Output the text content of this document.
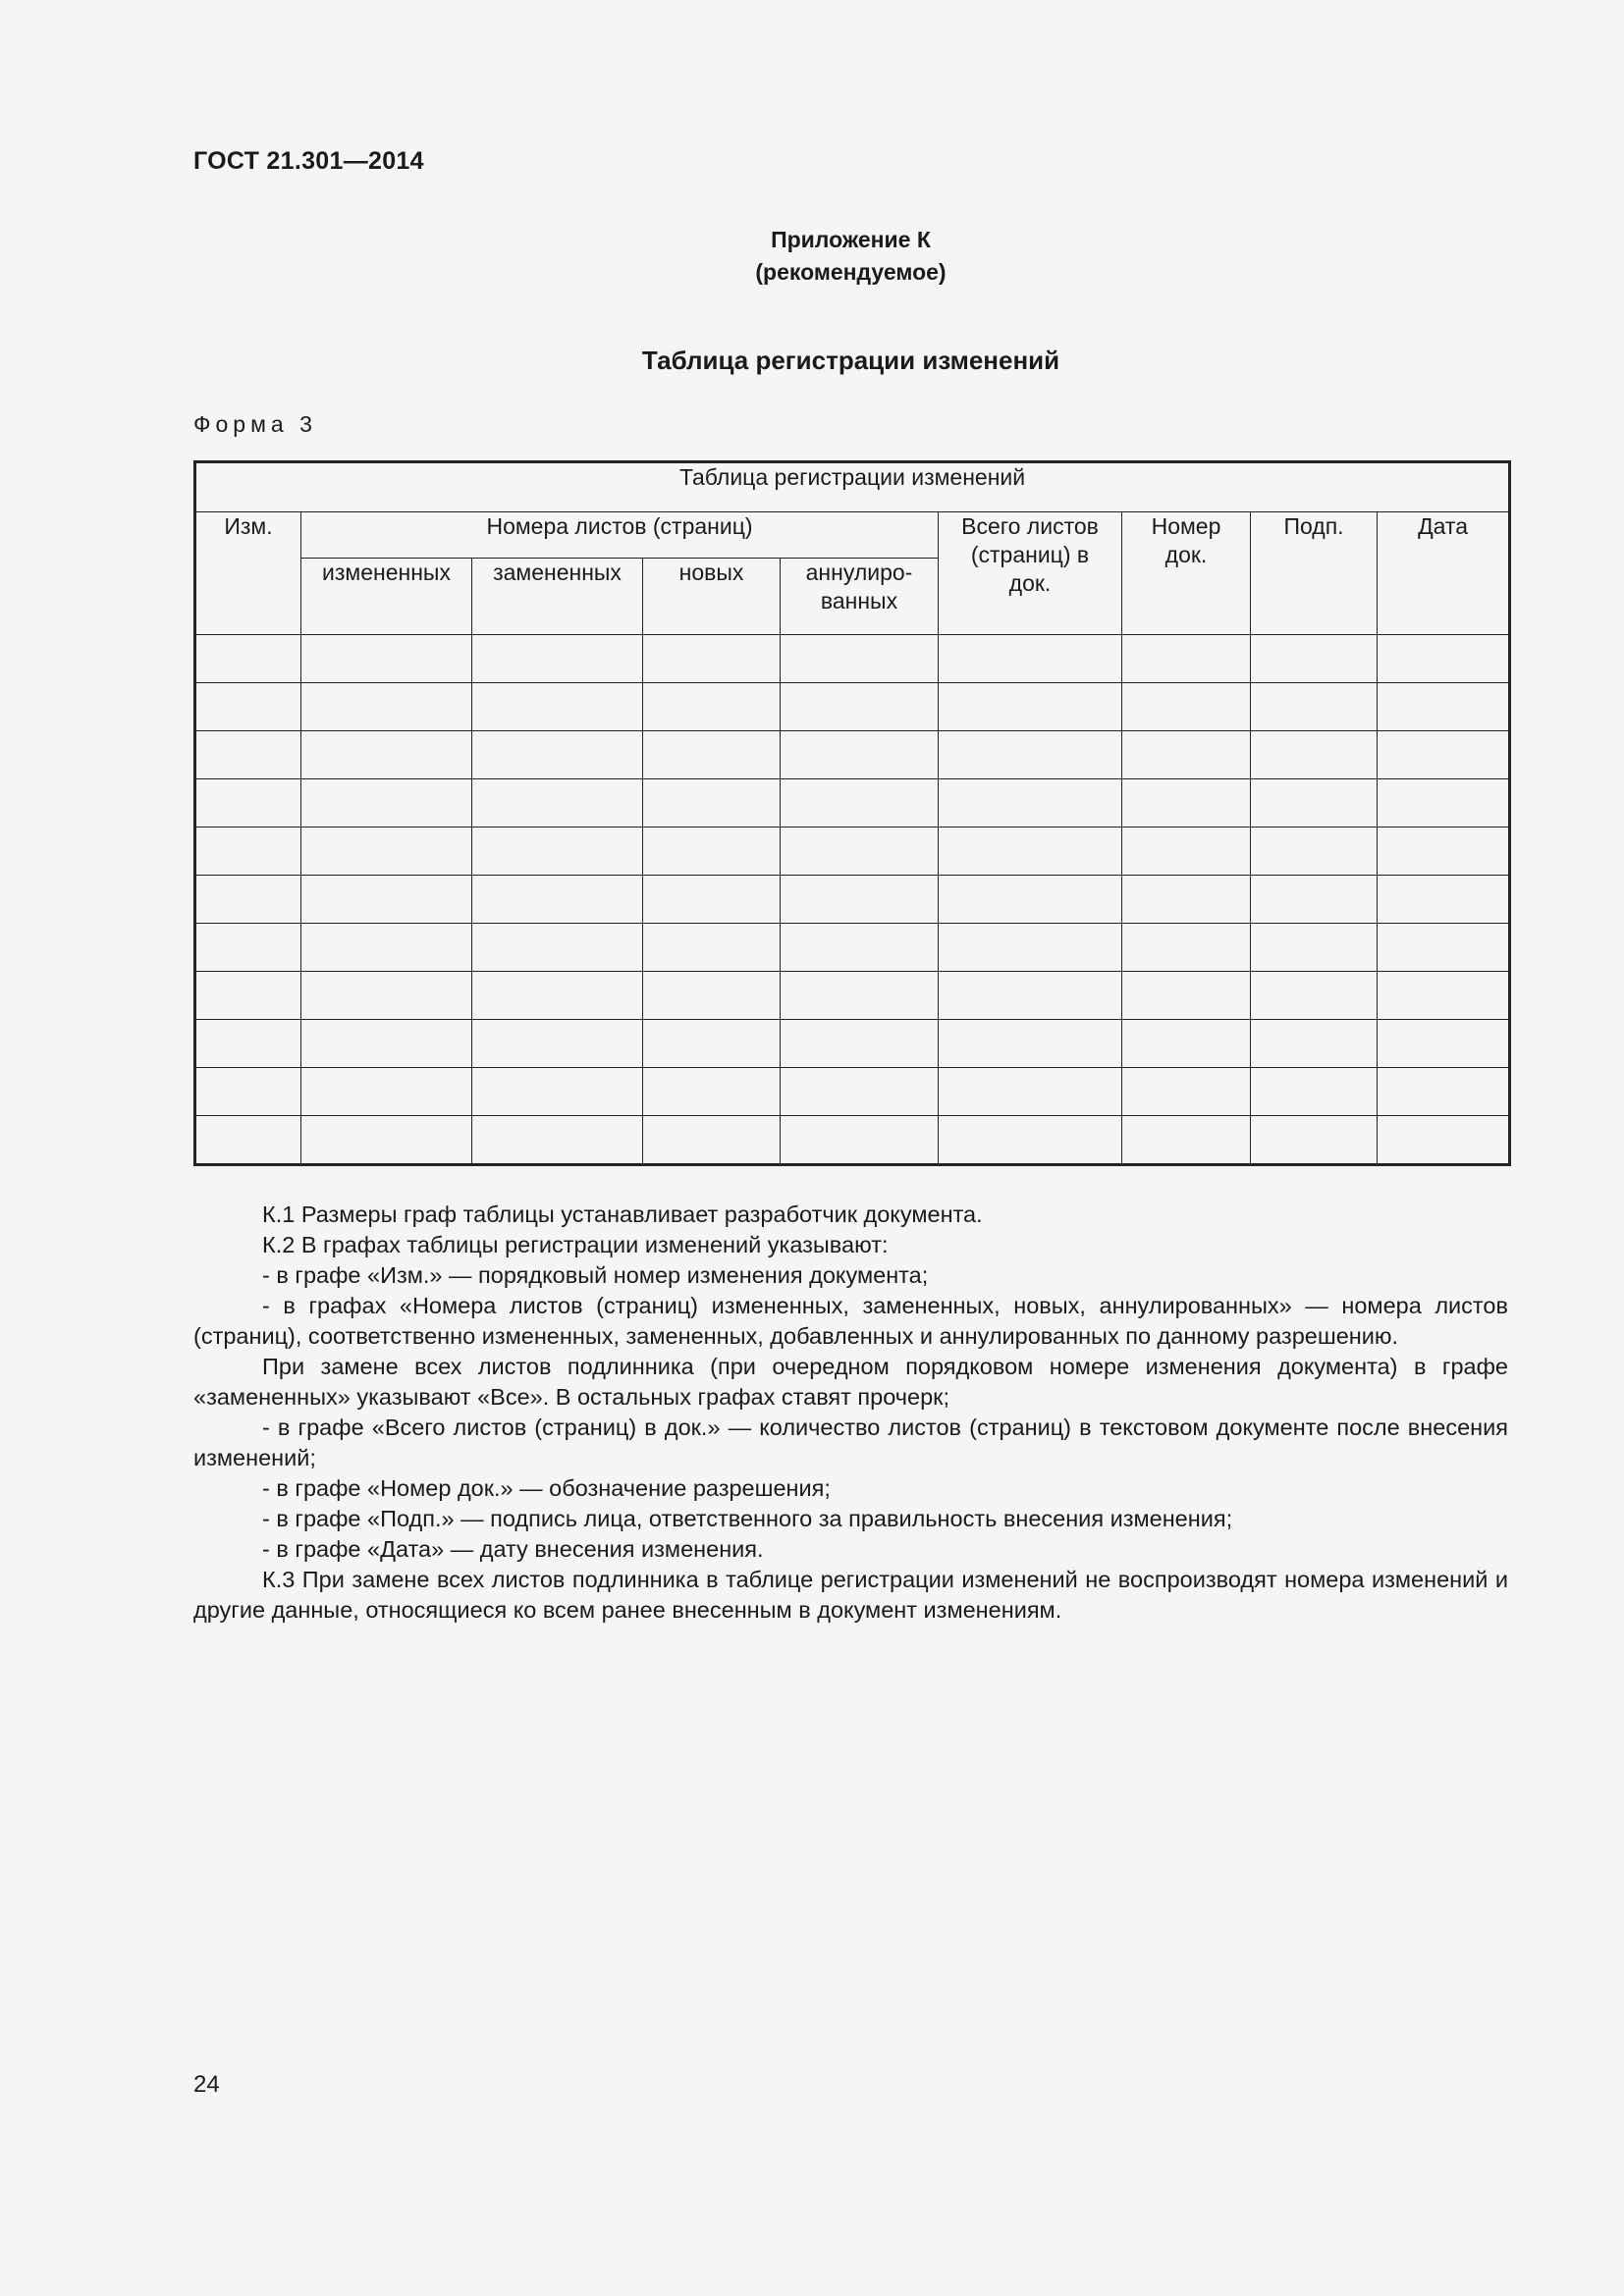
ГОСТ 21.301—2014
Приложение К
(рекомендуемое)
Таблица регистрации изменений
Форма 3
Таблица регистрации изменений								
Изм.	Номера листов (страниц)				Всего листов (страниц) в док.	Номер док.	Подп.	Дата
	измененных	замененных	новых	аннулиро-ванных				

К.1 Размеры граф таблицы устанавливает разработчик документа.

К.2 В графах таблицы регистрации изменений указывают:

- в графе «Изм.» — порядковый номер изменения документа;

- в графах «Номера листов (страниц) измененных, замененных, новых, аннулированных» — номера листов (страниц), соответственно измененных, замененных, добавленных и аннулированных по данному разрешению.

При замене всех листов подлинника (при очередном порядковом номере изменения документа) в графе «замененных» указывают «Все». В остальных графах ставят прочерк;

- в графе «Всего листов (страниц) в док.» — количество листов (страниц) в текстовом документе после внесения изменений;

- в графе «Номер док.» — обозначение разрешения;

- в графе «Подп.» — подпись лица, ответственного за правильность внесения изменения;

- в графе «Дата» — дату внесения изменения.

К.3 При замене всех листов подлинника в таблице регистрации изменений не воспроизводят номера изменений и другие данные, относящиеся ко всем ранее внесенным в документ изменениям.

24
